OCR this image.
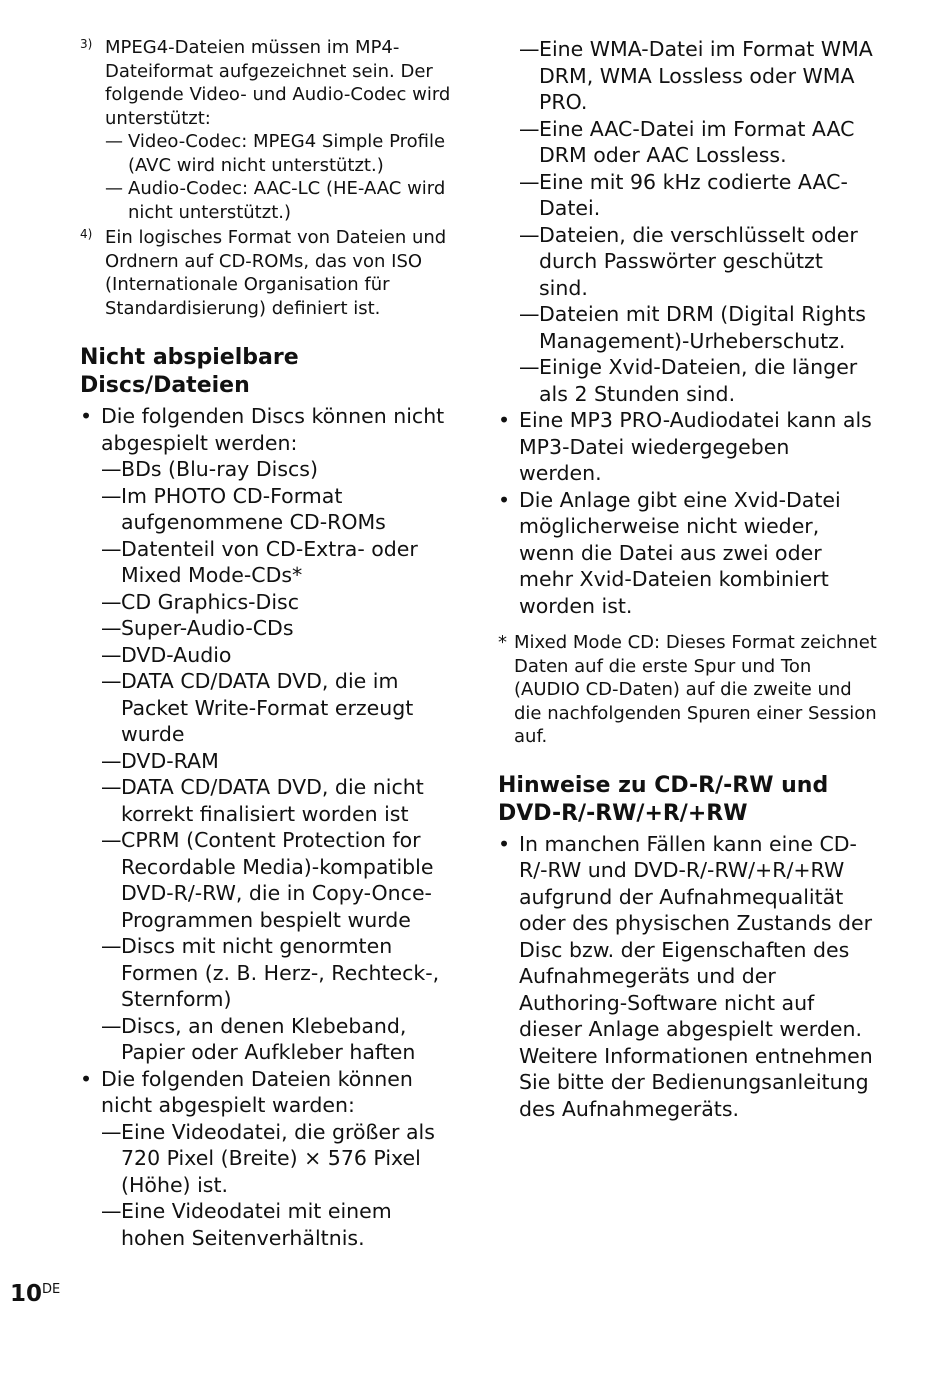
3) MPEG4-Dateien müssen im MP4-Dateiformat aufgezeichnet sein. Der folgende Video- und Audio-Codec wird unterstützt:
— Video-Codec: MPEG4 Simple Profile (AVC wird nicht unterstützt.)
— Audio-Codec: AAC-LC (HE-AAC wird nicht unterstützt.)
4) Ein logisches Format von Dateien und Ordnern auf CD-ROMs, das von ISO (Internationale Organisation für Standardisierung) definiert ist.
Nicht abspielbare Discs/Dateien
• Die folgenden Discs können nicht abgespielt werden:
— BDs (Blu-ray Discs)
— Im PHOTO CD-Format aufgenommene CD-ROMs
— Datenteil von CD-Extra- oder Mixed Mode-CDs*
— CD Graphics-Disc
— Super-Audio-CDs
— DVD-Audio
— DATA CD/DATA DVD, die im Packet Write-Format erzeugt wurde
— DVD-RAM
— DATA CD/DATA DVD, die nicht korrekt finalisiert worden ist
— CPRM (Content Protection for Recordable Media)-kompatible DVD-R/-RW, die in Copy-Once-Programmen bespielt wurde
— Discs mit nicht genormten Formen (z. B. Herz-, Rechteck-, Sternform)
— Discs, an denen Klebeband, Papier oder Aufkleber haften
• Die folgenden Dateien können nicht abgespielt warden:
— Eine Videodatei, die größer als 720 Pixel (Breite) × 576 Pixel (Höhe) ist.
— Eine Videodatei mit einem hohen Seitenverhältnis.
— Eine WMA-Datei im Format WMA DRM, WMA Lossless oder WMA PRO.
— Eine AAC-Datei im Format AAC DRM oder AAC Lossless.
— Eine mit 96 kHz codierte AAC-Datei.
— Dateien, die verschlüsselt oder durch Passwörter geschützt sind.
— Dateien mit DRM (Digital Rights Management)-Urheberschutz.
— Einige Xvid-Dateien, die länger als 2 Stunden sind.
• Eine MP3 PRO-Audiodatei kann als MP3-Datei wiedergegeben werden.
• Die Anlage gibt eine Xvid-Datei möglicherweise nicht wieder, wenn die Datei aus zwei oder mehr Xvid-Dateien kombiniert worden ist.
* Mixed Mode CD: Dieses Format zeichnet Daten auf die erste Spur und Ton (AUDIO CD-Daten) auf die zweite und die nachfolgenden Spuren einer Session auf.
Hinweise zu CD-R/-RW und
DVD-R/-RW/+R/+RW
• In manchen Fällen kann eine CD-R/-RW und DVD-R/-RW/+R/+RW aufgrund der Aufnahmequalität oder des physischen Zustands der Disc bzw. der Eigenschaften des Aufnahmegeräts und der Authoring-Software nicht auf dieser Anlage abgespielt werden. Weitere Informationen entnehmen Sie bitte der Bedienungsanleitung des Aufnahmegeräts.
10DE
